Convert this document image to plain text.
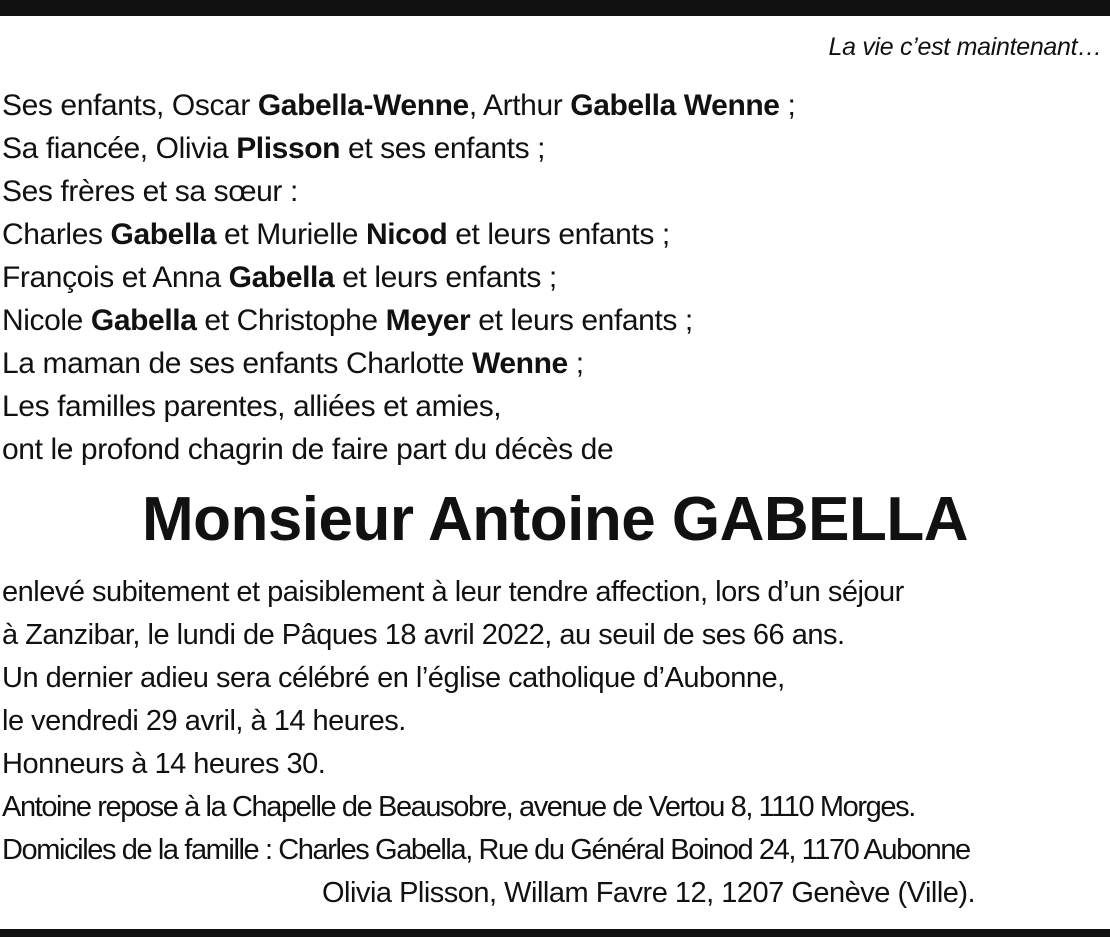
La vie c’est maintenant…
Ses enfants, Oscar Gabella-Wenne, Arthur Gabella Wenne ;
Sa fiancée, Olivia Plisson et ses enfants ;
Ses frères et sa sœur :
Charles Gabella et Murielle Nicod et leurs enfants ;
François et Anna Gabella et leurs enfants ;
Nicole Gabella et Christophe Meyer et leurs enfants ;
La maman de ses enfants Charlotte Wenne ;
Les familles parentes, alliées et amies,
ont le profond chagrin de faire part du décès de
Monsieur Antoine GABELLA
enlevé subitement et paisiblement à leur tendre affection, lors d’un séjour
à Zanzibar, le lundi de Pâques 18 avril 2022, au seuil de ses 66 ans.
Un dernier adieu sera célébré en l’église catholique d’Aubonne,
le vendredi 29 avril, à 14 heures.
Honneurs à 14 heures 30.
Antoine repose à la Chapelle de Beausobre, avenue de Vertou 8, 1110 Morges.
Domiciles de la famille : Charles Gabella, Rue du Général Boinod 24, 1170 Aubonne
Olivia Plisson, Willam Favre 12, 1207 Genève (Ville).
